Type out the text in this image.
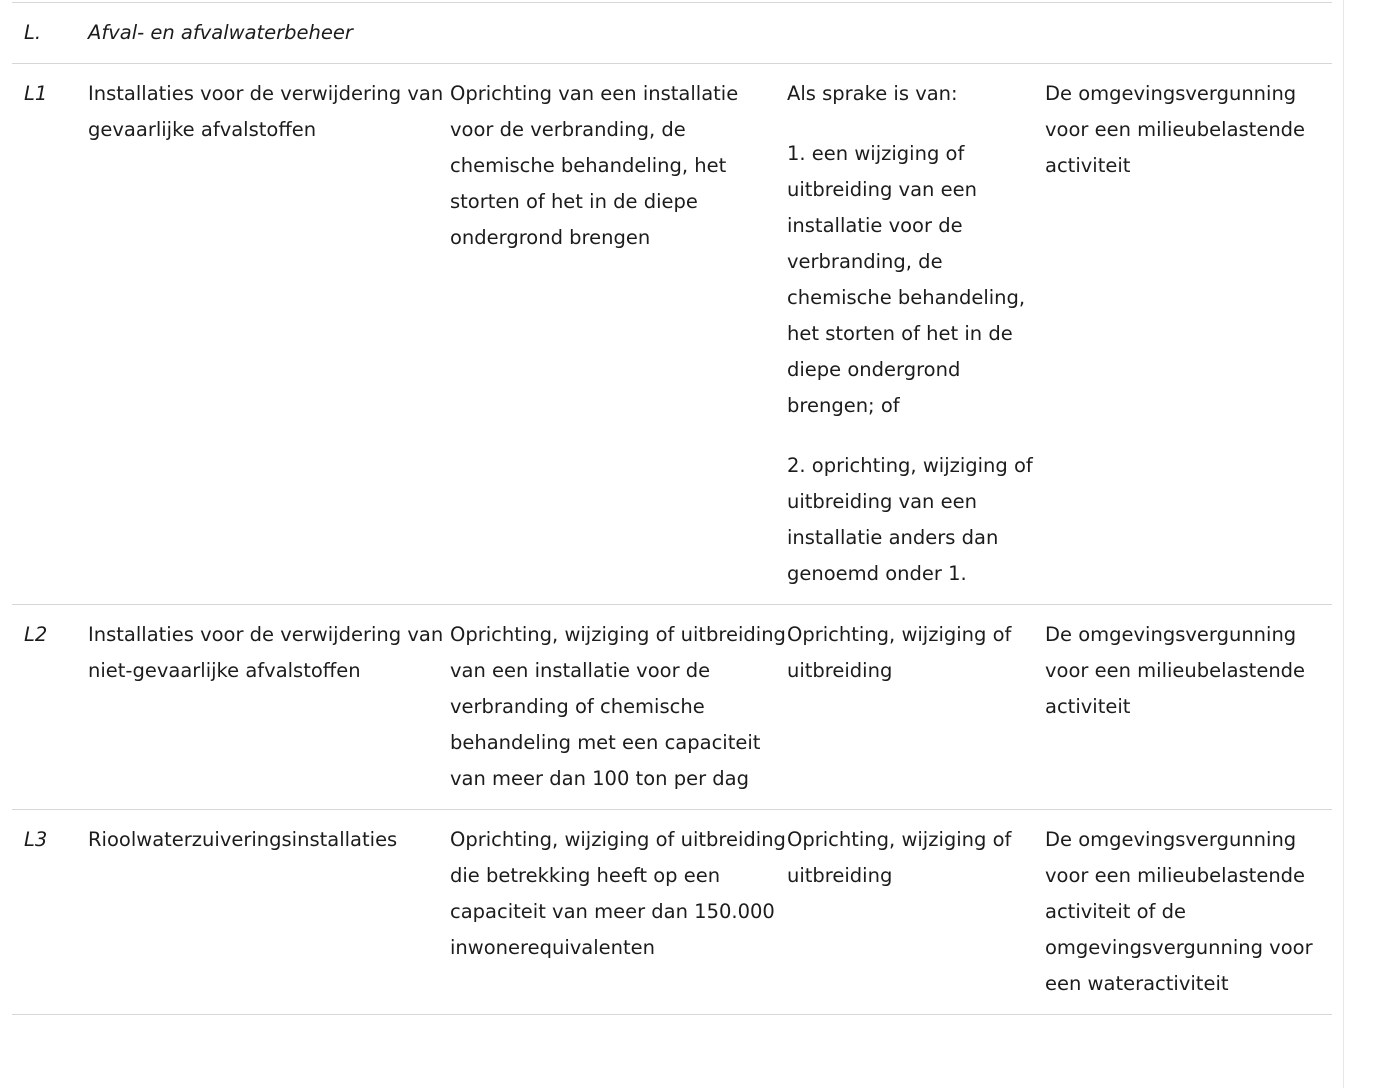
L.	Afval- en afvalwaterbeheer			
L1	Installaties voor de verwijdering van gevaarlijke afvalstoffen	Oprichting van een installatie voor de verbranding, de chemische behandeling, het storten of het in de diepe ondergrond brengen	Als sprake is van:

1. een wijziging of uitbreiding van een installatie voor de verbranding, de chemische behandeling, het storten of het in de diepe ondergrond brengen; of

2. oprichting, wijziging of uitbreiding van een installatie anders dan genoemd onder 1.	De omgevingsvergunning voor een milieubelastende activiteit

L2	Installaties voor de verwijdering van niet-gevaarlijke afvalstoffen	Oprichting, wijziging of uitbreiding van een installatie voor de verbranding of chemische behandeling met een capaciteit van meer dan 100 ton per dag	Oprichting, wijziging of uitbreiding	De omgevingsvergunning voor een milieubelastende activiteit

L3	Rioolwaterzuiveringsinstallaties	Oprichting, wijziging of uitbreiding die betrekking heeft op een capaciteit van meer dan 150.000 inwonerequivalenten	Oprichting, wijziging of uitbreiding	De omgevingsvergunning voor een milieubelastende activiteit of de omgevingsvergunning voor een wateractiviteit
